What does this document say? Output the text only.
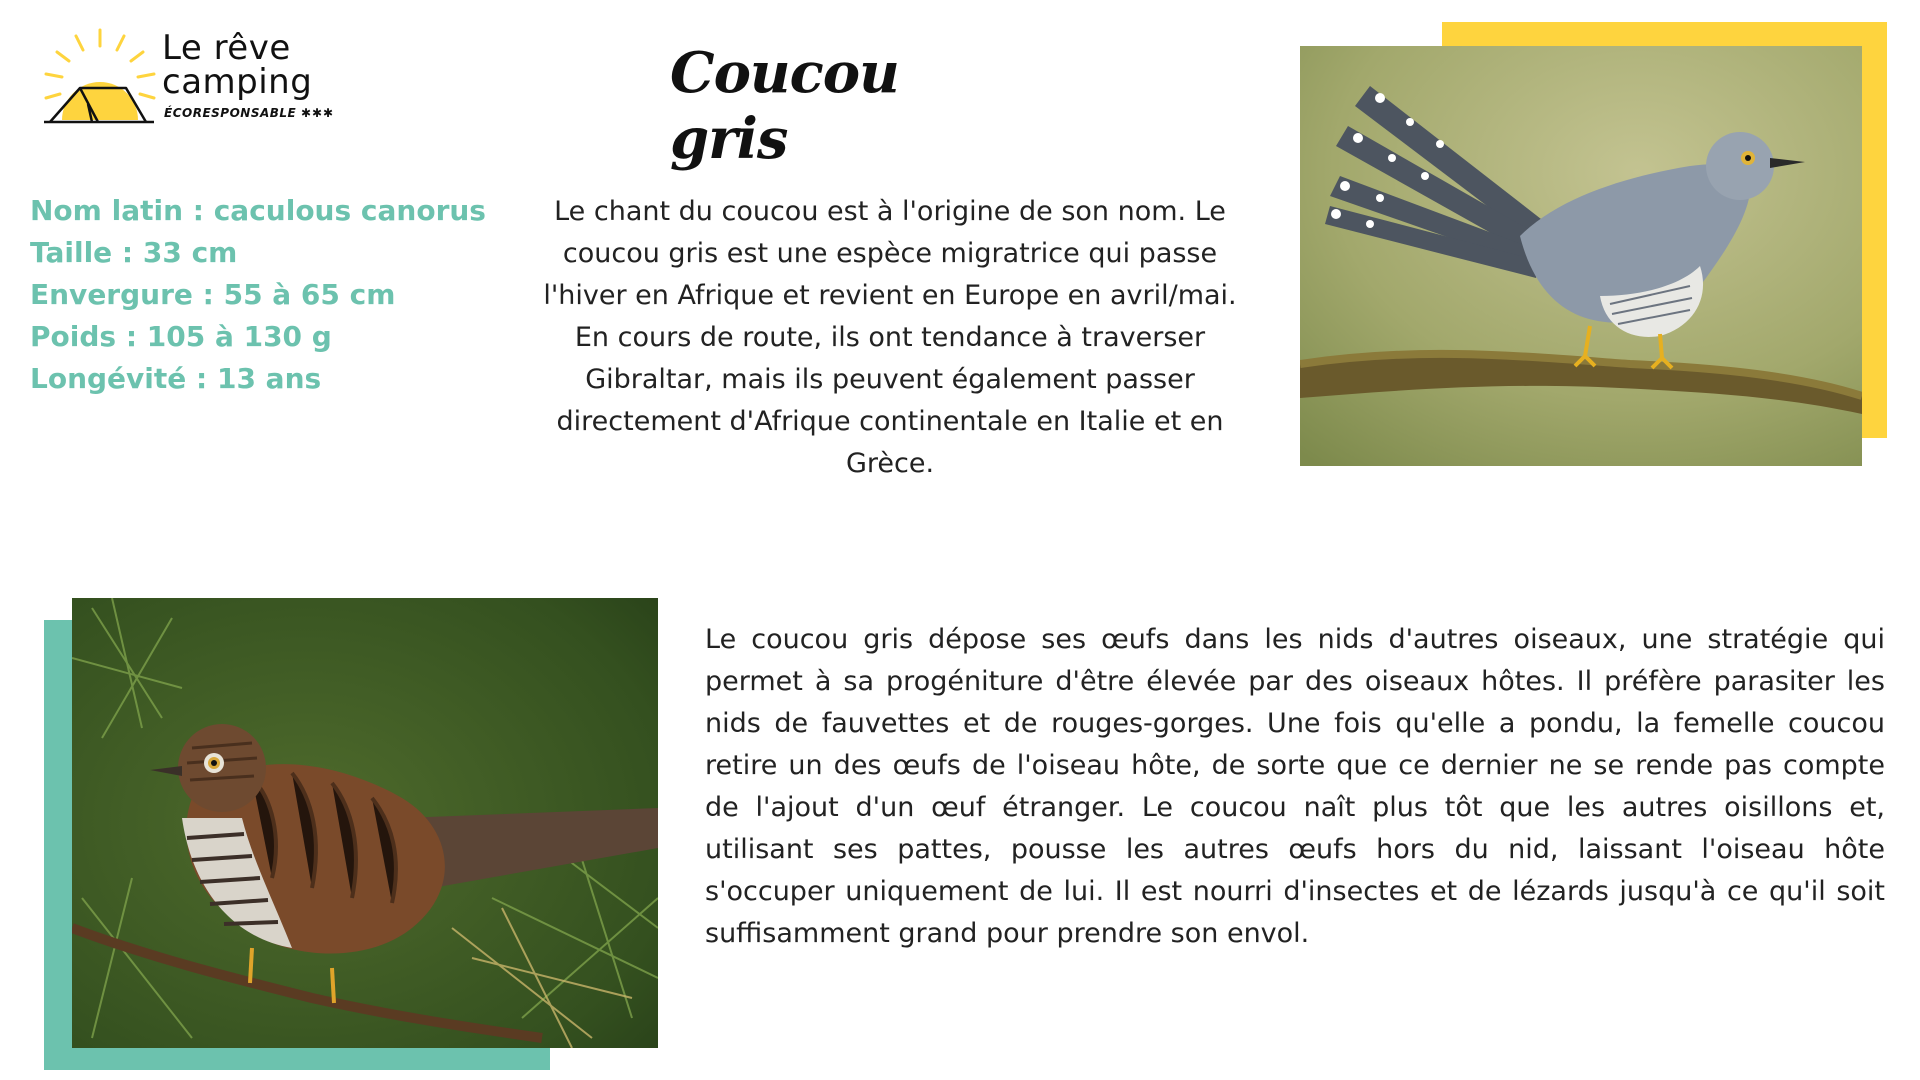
Le rêve
camping
ÉCORESPONSABLE ✱✱✱
Coucou gris
Nom latin : caculous canorus
Taille : 33 cm
Envergure : 55 à 65 cm
Poids : 105 à 130 g
Longévité : 13 ans
Le chant du coucou est à l'origine de son nom. Le coucou gris est une espèce migratrice qui passe l'hiver en Afrique et revient en Europe en avril/mai. En cours de route, ils ont tendance à traverser Gibraltar, mais ils peuvent également passer directement d'Afrique continentale en Italie et en Grèce.
Le coucou gris dépose ses œufs dans les nids d'autres oiseaux, une stratégie qui permet à sa progéniture d'être élevée par des oiseaux hôtes. Il préfère parasiter les nids de fauvettes et de rouges-gorges. Une fois qu'elle a pondu, la femelle coucou retire un des œufs de l'oiseau hôte, de sorte que ce dernier ne se rende pas compte de l'ajout d'un œuf étranger. Le coucou naît plus tôt que les autres oisillons et, utilisant ses pattes, pousse les autres œufs hors du nid, laissant l'oiseau hôte s'occuper uniquement de lui. Il est nourri d'insectes et de lézards jusqu'à ce qu'il soit suffisamment grand pour prendre son envol.
